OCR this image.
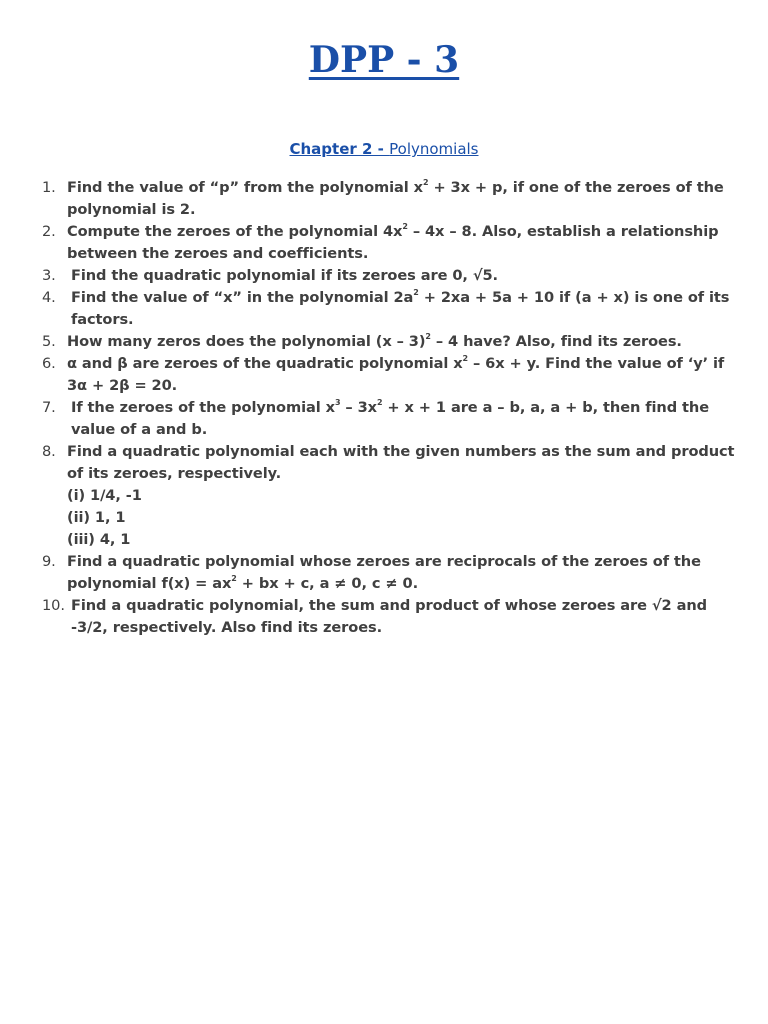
DPP - 3
Chapter 2 - Polynomials
1. Find the value of “p” from the polynomial $x^2 + 3x + p$, if one of the zeroes of the polynomial is 2.
2. Compute the zeroes of the polynomial $4x^2 - 4x - 8$. Also, establish a relationship between the zeroes and coefficients.
3.	Find the quadratic polynomial if its zeroes are 0, √5.
4.	Find the value of “x” in the polynomial $2a^2 + 2xa + 5a + 10$ if (a + x) is one of its factors.
5. How many zeros does the polynomial (x – 3)$^2$ – 4 have? Also, find its zeroes.
6. α and β are zeroes of the quadratic polynomial $x^2 - 6x + y$. Find the value of ‘y’ if 3α + 2β = 20.
7.	If the zeroes of the polynomial $x^3 - 3x^2 + x + 1$ are a – b, a, a + b, then find the value of a and b.
8. Find a quadratic polynomial each with the given numbers as the sum and product of its zeroes, respectively.
(i) 1/4, -1
(ii) 1, 1
(iii) 4, 1
9. Find a quadratic polynomial whose zeroes are reciprocals of the zeroes of the polynomial $f(x) = ax^2$ + bx + c, a ≠ 0, c ≠ 0.
10. Find a quadratic polynomial, the sum and product of whose zeroes are √2 and -3/2, respectively. Also find its zeroes.
